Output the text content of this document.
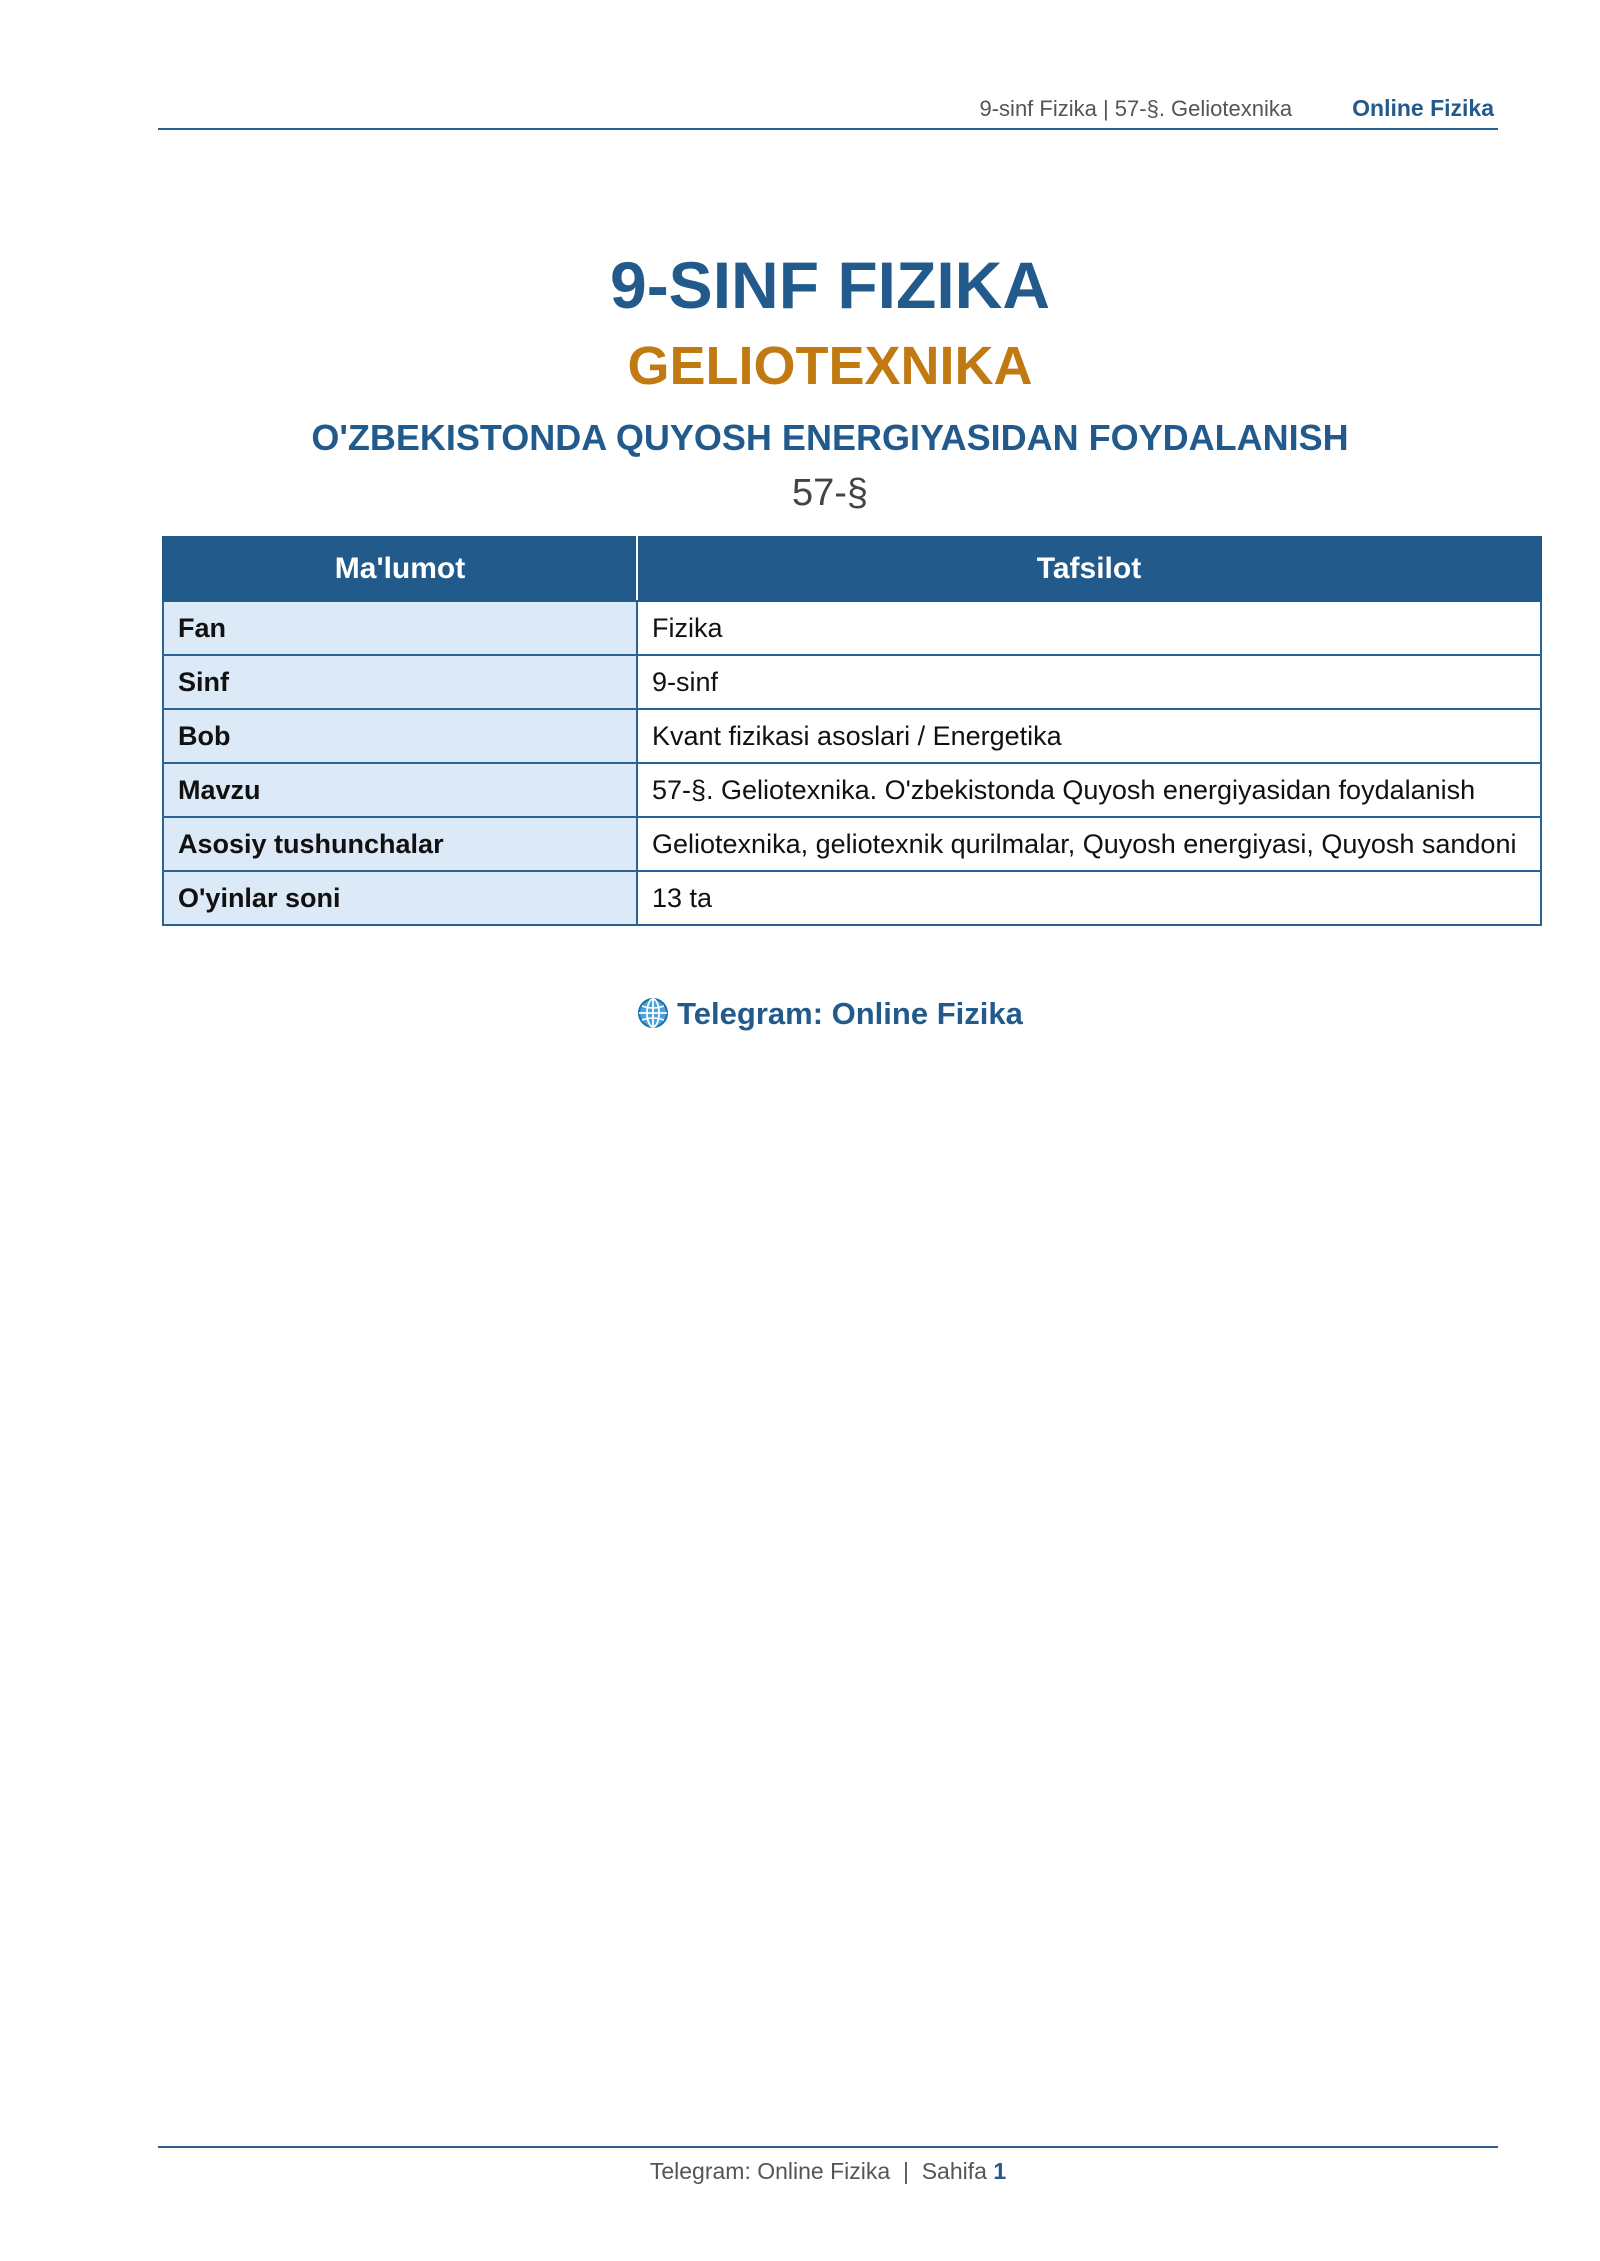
9-sinf Fizika | 57-§. Geliotexnika	Online Fizika
9-SINF FIZIKA
GELIOTEXNIKA
O'ZBEKISTONDA QUYOSH ENERGIYASIDAN FOYDALANISH
57-§
Ma'lumot	Tafsilot
Fan	Fizika
Sinf	9-sinf
Bob	Kvant fizikasi asoslari / Energetika
Mavzu	57-§. Geliotexnika. O'zbekistonda Quyosh energiyasidan foydalanish
Asosiy tushunchalar	Geliotexnika, geliotexnik qurilmalar, Quyosh energiyasi, Quyosh sandoni
O'yinlar soni	13 ta
Telegram: Online Fizika
Telegram: Online Fizika | Sahifa 1
